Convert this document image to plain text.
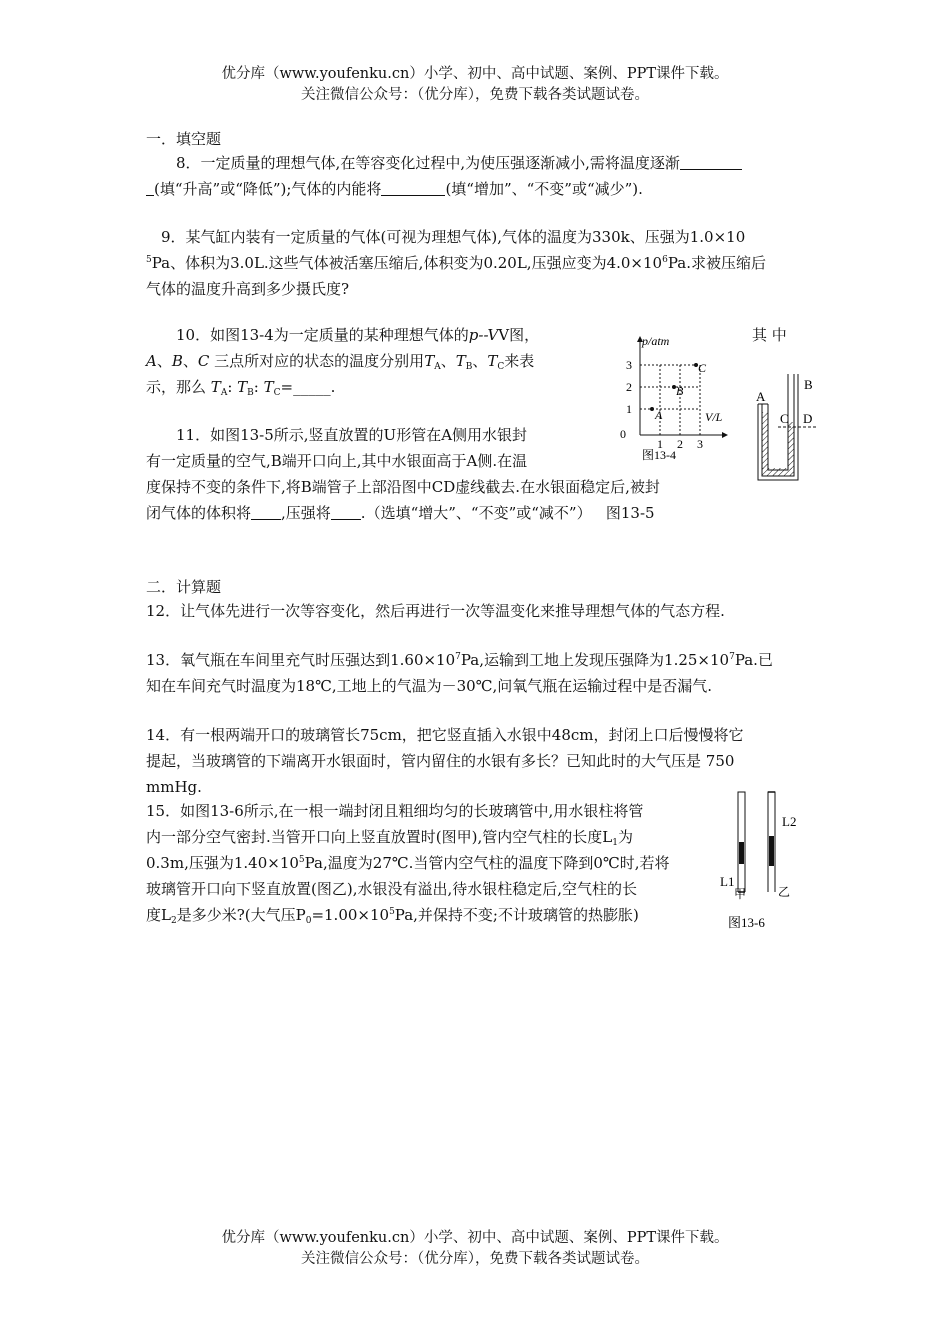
优分库（www.youfenku.cn）小学、初中、高中试题、案例、PPT课件下载。
关注微信公众号：（优分库），免费下载各类试题试卷。
一．填空题
8．一定质量的理想气体,在等容变化过程中,为使压强逐渐减小,需将温度逐渐
(填“升高”或“降低”);气体的内能将	(填“增加”、“不变”或“减少”).
9．某气缸内装有一定质量的气体(可视为理想气体),气体的温度为330k、压强为1.0×10
$^5$Pa、体积为3.0L.这些气体被活塞压缩后,体积变为0.20L,压强应变为$4.0\times 10^6Pa$.求被压缩后
气体的温度升高到多少摄氏度?
10．如图13-4为一定质量的某种理想气体的p--VV图，
A、B、C 三点所对应的状态的温度分别用$T_A$、$T_B$、$T_C$来表
示，那么 $T_A$: $T_B$: $T_C=\_\_\_\_\_$.
其 中
p/atm
V/L
0
1 2 3
1
2
3
A
B
C
图13-4
A
B
C D
11．如图13-5所示,竖直放置的U形管在A侧用水银封
有一定质量的空气,B端开口向上,其中水银面高于A侧.在温
度保持不变的条件下,将B端管子上部沿图中CD虚线截去.在水银面稳定后,被封
闭气体的体积将 ,压强将 .（选填“增大”、“不变”或“减不”） 图13-5
二．计算题
12．让气体先进行一次等容变化，然后再进行一次等温变化来推导理想气体的气态方程.
13．氧气瓶在车间里充气时压强达到$1.60\times 10^7Pa$,运输到工地上发现压强降为$1.25\times 10^7Pa$.已
知在车间充气时温度为18℃,工地上的气温为－30℃,问氧气瓶在运输过程中是否漏气.
14．有一根两端开口的玻璃管长75cm，把它竖直插入水银中48cm，封闭上口后慢慢将它
提起，当玻璃管的下端离开水银面时，管内留住的水银有多长？已知此时的大气压是 750
mmHg.
15．如图13-6所示,在一根一端封闭且粗细均匀的长玻璃管中,用水银柱将管
内一部分空气密封.当管开口向上竖直放置时(图甲),管内空气柱的长度$L_1$为
0.3m,压强为$1.40\times 10^5Pa$,温度为27℃.当管内空气柱的温度下降到0℃时,若将
玻璃管开口向下竖直放置(图乙),水银没有溢出,待水银柱稳定后,空气柱的长
度$L_2$是多少米?(大气压$P_0=1.00\times 10^5Pa$,并保持不变;不计玻璃管的热膨胀)
L1
L2
甲	乙
图13-6
优分库（www.youfenku.cn）小学、初中、高中试题、案例、PPT课件下载。
关注微信公众号：（优分库），免费下载各类试题试卷。
